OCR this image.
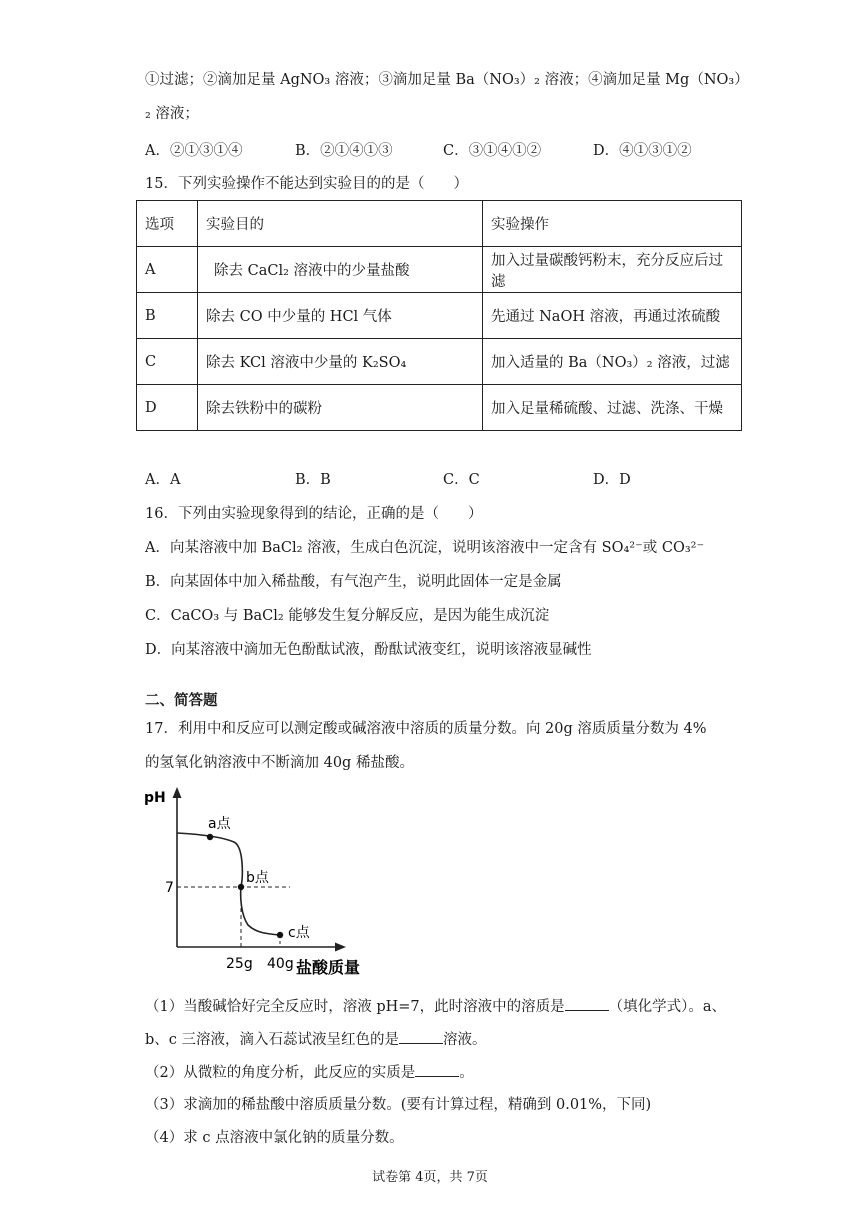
①过滤；②滴加足量 AgNO₃ 溶液；③滴加足量 Ba（NO₃）₂ 溶液；④滴加足量 Mg（NO₃）
₂ 溶液；
A．②①③①④	B．②①④①③	C．③①④①②	D．④①③①②
15．下列实验操作不能达到实验目的的是（　　）
选项	实验目的	实验操作
A	除去 CaCl₂ 溶液中的少量盐酸	加入过量碳酸钙粉末，充分反应后过滤
B	除去 CO 中少量的 HCl 气体	先通过 NaOH 溶液，再通过浓硫酸
C	除去 KCl 溶液中少量的 K₂SO₄	加入适量的 Ba（NO₃）₂ 溶液，过滤
D	除去铁粉中的碳粉	加入足量稀硫酸、过滤、洗涤、干燥
A．A	B．B	C．C	D．D
16．下列由实验现象得到的结论，正确的是（　　）
A．向某溶液中加 BaCl₂ 溶液，生成白色沉淀，说明该溶液中一定含有 SO₄²⁻或 CO₃²⁻
B．向某固体中加入稀盐酸，有气泡产生，说明此固体一定是金属
C．CaCO₃ 与 BaCl₂ 能够发生复分解反应，是因为能生成沉淀
D．向某溶液中滴加无色酚酞试液，酚酞试液变红，说明该溶液显碱性
二、简答题
17．利用中和反应可以测定酸或碱溶液中溶质的质量分数。向 20g 溶质质量分数为 4%
的氢氧化钠溶液中不断滴加 40g 稀盐酸。
pH
a点
b点
c点
7
25g 40g 盐酸质量
（1）当酸碱恰好完全反应时，溶液 pH=7，此时溶液中的溶质是	（填化学式）。a、
b、c 三溶液，滴入石蕊试液呈红色的是	溶液。
（2）从微粒的角度分析，此反应的实质是	。
（3）求滴加的稀盐酸中溶质质量分数。(要有计算过程，精确到 0.01%，下同)
（4）求 c 点溶液中氯化钠的质量分数。
试卷第 4页，共 7页
